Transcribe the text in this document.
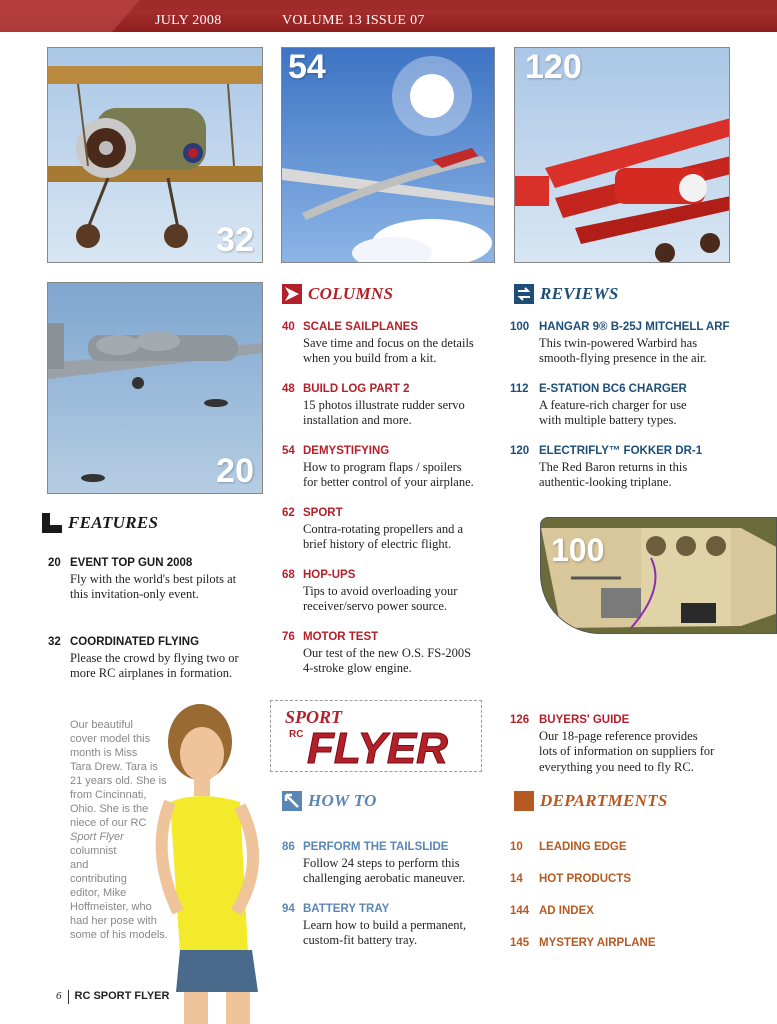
JULY 2008	VOLUME 13 ISSUE 07
32
54	120
20
100
FEATURES
20 EVENT TOP GUN 2008
Fly with the world's best pilots at
this invitation-only event.
32 COORDINATED FLYING
Please the crowd by flying two or
more RC airplanes in formation.
COLUMNS
40 SCALE SAILPLANES
Save time and focus on the details
when you build from a kit.
48 BUILD LOG PART 2
15 photos illustrate rudder servo
installation and more.
54 DEMYSTIFYING
How to program flaps / spoilers
for better control of your airplane.
62 SPORT
Contra-rotating propellers and a
brief history of electric flight.
68 HOP-UPS
Tips to avoid overloading your
receiver/servo power source.
76 MOTOR TEST
Our test of the new O.S. FS-200S
4-stroke glow engine.
REVIEWS
100 HANGAR 9® B-25J MITCHELL ARF
This twin-powered Warbird has
smooth-flying presence in the air.
112 E-STATION BC6 CHARGER
A feature-rich charger for use
with multiple battery types.
120 ELECTRIFLY™ FOKKER DR-1
The Red Baron returns in this
authentic-looking triplane.
126 BUYERS' GUIDE
Our 18-page reference provides
lots of information on suppliers for
everything you need to fly RC.
SPORT
RC FLYER
HOW TO
86 PERFORM THE TAILSLIDE
Follow 24 steps to perform this
challenging aerobatic maneuver.
94 BATTERY TRAY
Learn how to build a permanent,
custom-fit battery tray.
DEPARTMENTS
10 LEADING EDGE
14 HOT PRODUCTS
144 AD INDEX
145 MYSTERY AIRPLANE
Our beautiful
cover model this
month is Miss
Tara Drew. Tara is
21 years old. She is
from Cincinnati,
Ohio. She is the
niece of our RC
Sport Flyer
columnist
and
contributing
editor, Mike
Hoffmeister, who
had her pose with
some of his models.
6 RC SPORT FLYER
